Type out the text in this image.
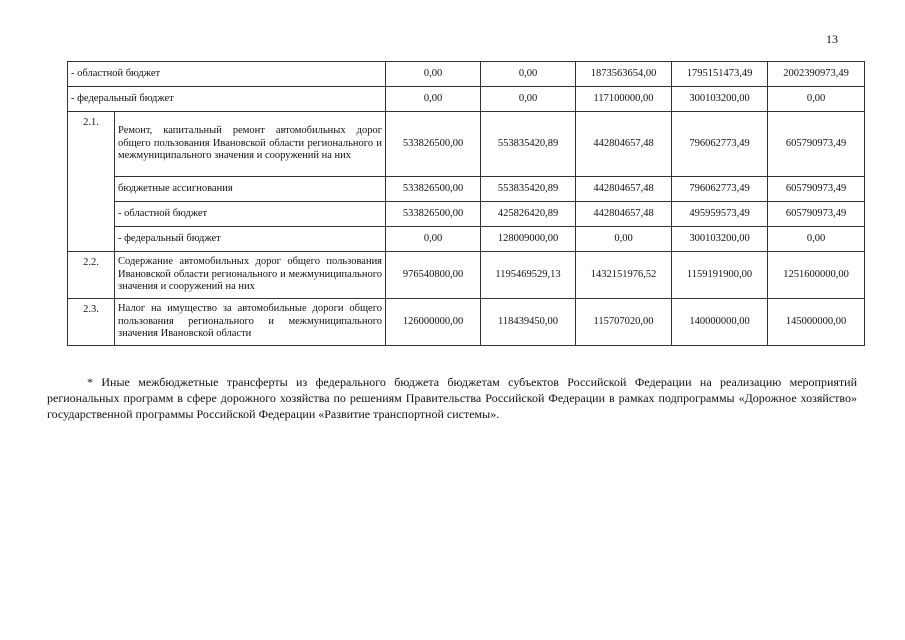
13
- областной бюджет		0,00	0,00	1873563654,00	1795151473,49	2002390973,49
- федеральный бюджет		0,00	0,00	117100000,00	300103200,00	0,00
2.1.	Ремонт, капитальный ремонт автомобильных дорог общего пользования Ивановской области регионального и межмуниципального значения и сооружений на них	533826500,00	553835420,89	442804657,48	796062773,49	605790973,49
	бюджетные ассигнования	533826500,00	553835420,89	442804657,48	796062773,49	605790973,49
	- областной бюджет	533826500,00	425826420,89	442804657,48	495959573,49	605790973,49
	- федеральный бюджет	0,00	128009000,00	0,00	300103200,00	0,00
2.2.	Содержание автомобильных дорог общего пользования Ивановской области регионального и межмуниципального значения и сооружений на них	976540800,00	1195469529,13	1432151976,52	1159191900,00	1251600000,00
2.3.	Налог на имущество за автомобильные дороги общего пользования регионального и межмуниципального значения Ивановской области	126000000,00	118439450,00	115707020,00	140000000,00	145000000,00

* Иные межбюджетные трансферты из федерального бюджета бюджетам субъектов Российской Федерации на реализацию мероприятий региональных программ в сфере дорожного хозяйства по решениям Правительства Российской Федерации в рамках подпрограммы «Дорожное хозяйство» государственной программы Российской Федерации «Развитие транспортной системы».
